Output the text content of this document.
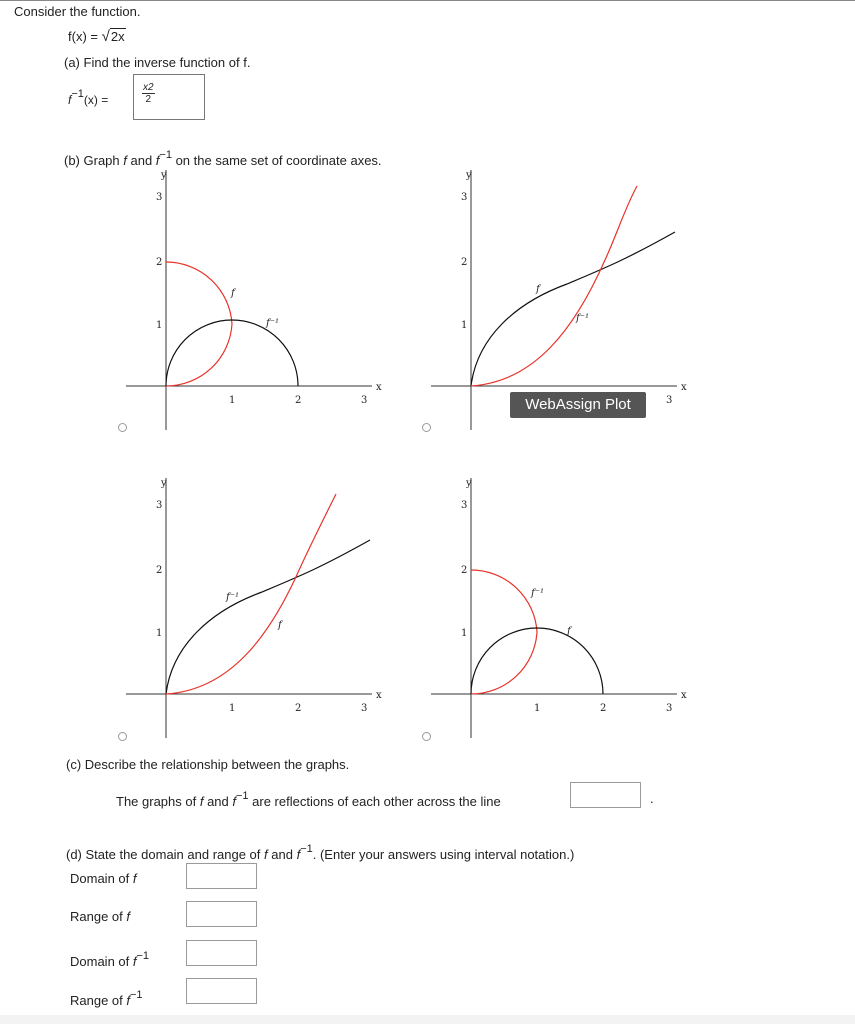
Consider the function.
f(x) = √2x
(a) Find the inverse function of f.
$f^{-1}(x)$ =	$\frac{x2}{2}$
(b) Graph f and $f^{-1}$ on the same set of coordinate axes.
y
x
3
2
1
1	2	3
f
f⁻¹
y
x
3
2
1
3
f
f⁻¹
WebAssign Plot
y
x
3
2
1
1	2	3
f⁻¹
f
y
x
3
2
1
1	2	3
f⁻¹
f
(c) Describe the relationship between the graphs.
The graphs of f and $f^{-1}$ are reflections of each other across the line	.
(d) State the domain and range of f and $f^{-1}$. (Enter your answers using interval notation.)
Domain of f
Range of f
Domain of $f^{-1}$
Range of $f^{-1}$
